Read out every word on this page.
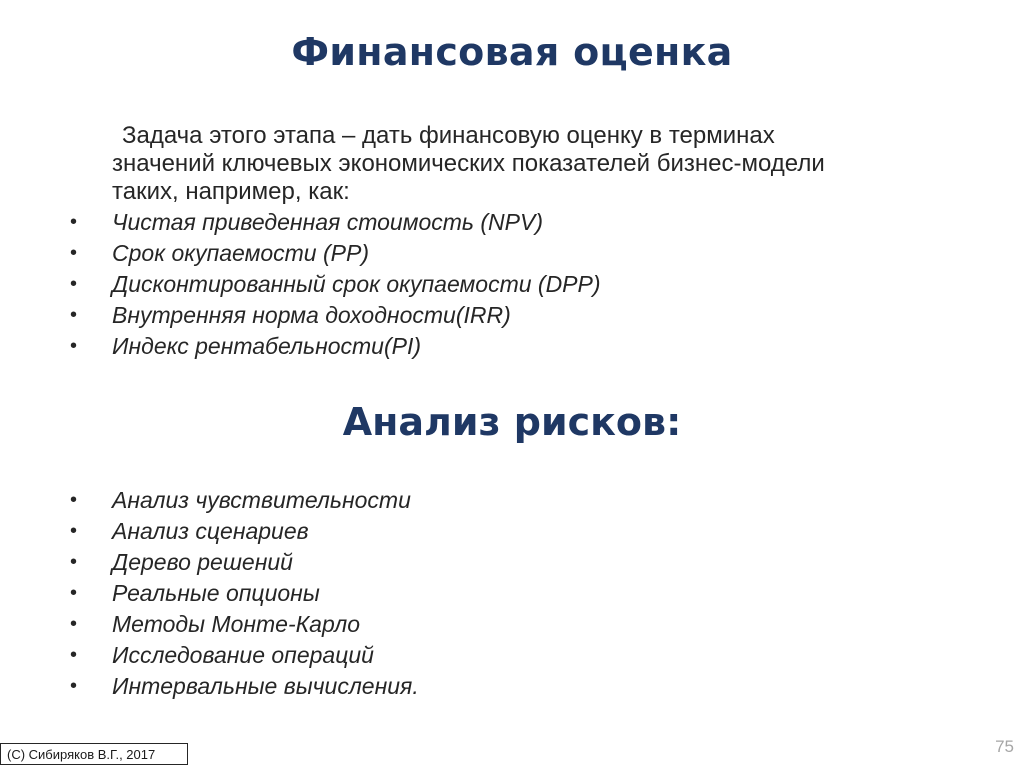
Финансовая оценка
Задача этого этапа – дать финансовую оценку в терминах
значений ключевых экономических показателей бизнес-модели
таких, например, как:
• Чистая приведенная стоимость (NPV)
• Срок окупаемости (PP)
• Дисконтированный срок окупаемости (DPP)
• Внутренняя норма доходности(IRR)
• Индекс рентабельности(PI)
Анализ рисков:
• Анализ чувствительности
• Анализ сценариев
• Дерево решений
• Реальные опционы
• Методы Монте-Карло
• Исследование операций
• Интервальные вычисления.
(С) Сибиряков В.Г., 2017	75
